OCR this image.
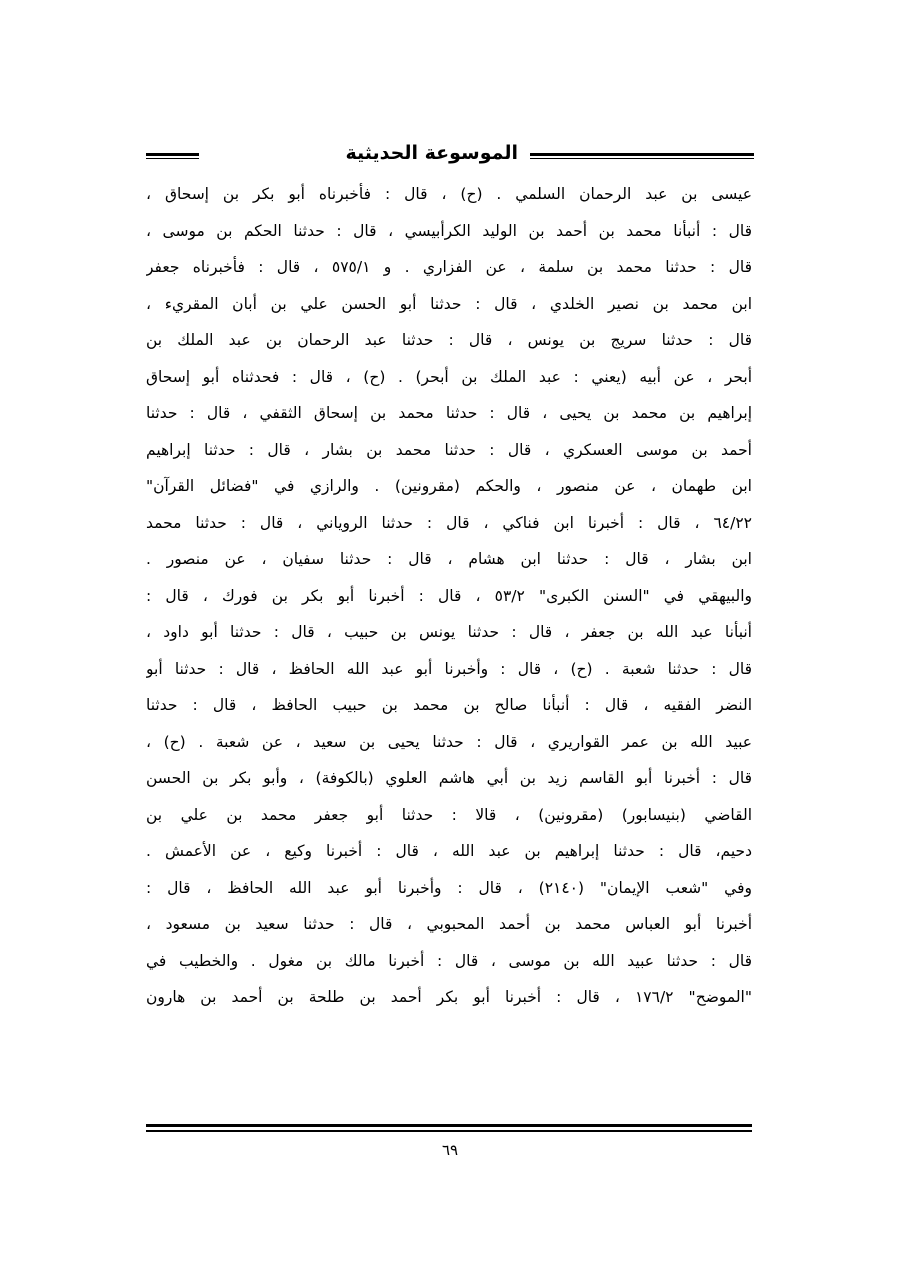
الموسوعة الحديثية
عيسى بن عبد الرحمان السلمي . (ح) ، قال : فأخبرناه أبو بكر بن إسحاق ،
قال : أنبأنا محمد بن أحمد بن الوليد الكرأبيسي ، قال : حدثنا الحكم بن موسى ،
قال : حدثنا محمد بن سلمة ، عن الفزاري . و ٥٧٥/١ ، قال : فأخبرناه جعفر
ابن محمد بن نصير الخلدي ، قال : حدثنا أبو الحسن علي بن أبان المقريء ،
قال : حدثنا سريج بن يونس ، قال : حدثنا عبد الرحمان بن عبد الملك بن
أبحر ، عن أبيه (يعني : عبد الملك بن أبحر) . (ح) ، قال : فحدثناه أبو إسحاق
إبراهيم بن محمد بن يحيى ، قال : حدثنا محمد بن إسحاق الثقفي ، قال : حدثنا
أحمد بن موسى العسكري ، قال : حدثنا محمد بن بشار ، قال : حدثنا إبراهيم
ابن طهمان ، عن منصور ، والحكم (مقرونين) . والرازي في "فضائل القرآن"
٦٤/٢٢ ، قال : أخبرنا ابن فناكي ، قال : حدثنا الروياني ، قال : حدثنا محمد
ابن بشار ، قال : حدثنا ابن هشام ، قال : حدثنا سفيان ، عن منصور .
والبيهقي في "السنن الكبرى" ٥٣/٢ ، قال : أخبرنا أبو بكر بن فورك ، قال :
أنبأنا عبد الله بن جعفر ، قال : حدثنا يونس بن حبيب ، قال : حدثنا أبو داود ،
قال : حدثنا شعبة . (ح) ، قال : وأخبرنا أبو عبد الله الحافظ ، قال : حدثنا أبو
النضر الفقيه ، قال : أنبأنا صالح بن محمد بن حبيب الحافظ ، قال : حدثنا
عبيد الله بن عمر القواريري ، قال : حدثنا يحيى بن سعيد ، عن شعبة . (ح) ،
قال : أخبرنا أبو القاسم زيد بن أبي هاشم العلوي (بالكوفة) ، وأبو بكر بن الحسن
القاضي (بنيسابور) (مقرونين) ، قالا : حدثنا أبو جعفر محمد بن علي بن
دحيم، قال : حدثنا إبراهيم بن عبد الله ، قال : أخبرنا وكيع ، عن الأعمش .
وفي "شعب الإيمان" (٢١٤٠) ، قال : وأخبرنا أبو عبد الله الحافظ ، قال :
أخبرنا أبو العباس محمد بن أحمد المحبوبي ، قال : حدثنا سعيد بن مسعود ،
قال : حدثنا عبيد الله بن موسى ، قال : أخبرنا مالك بن مغول . والخطيب في
"الموضح" ١٧٦/٢ ، قال : أخبرنا أبو بكر أحمد بن طلحة بن أحمد بن هارون
٦٩
